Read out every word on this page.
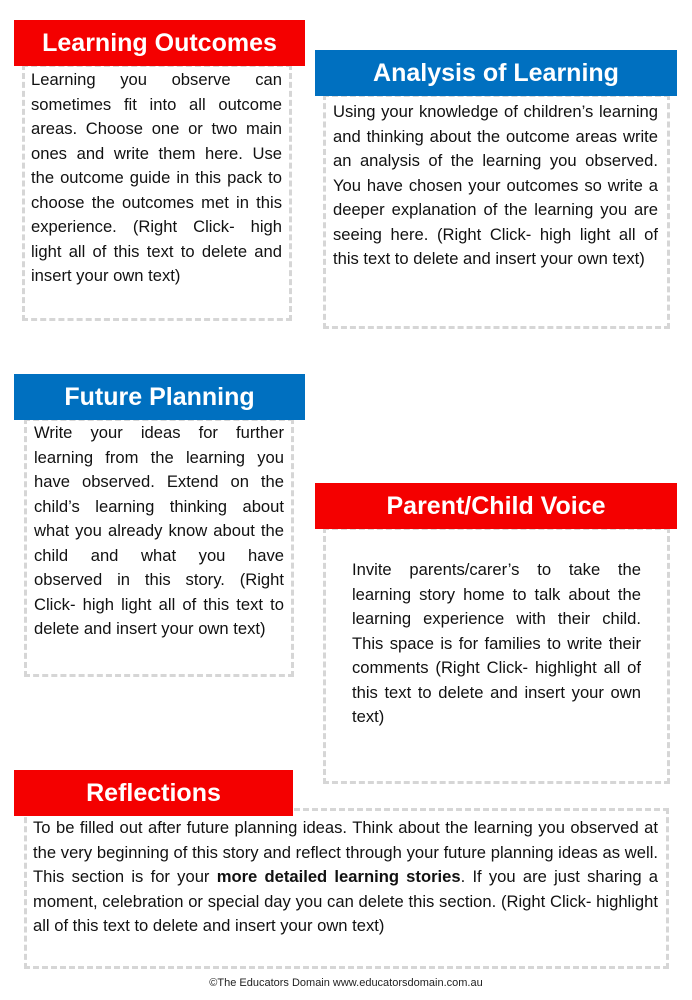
Learning Outcomes
Learning you observe can sometimes fit into all outcome areas. Choose one or two main ones and write them here. Use the outcome guide in this pack to choose the outcomes met in this experience. (Right Click- high light all of this text to delete and insert your own text)
Analysis of Learning
Using your knowledge of children’s learning and thinking about the outcome areas write an analysis of the learning you observed. You have chosen your outcomes so write a deeper explanation of the learning you are seeing here. (Right Click- high light all of this text to delete and insert your own text)
Future Planning
Write your ideas for further learning from the learning you have observed. Extend on the child’s learning thinking about what you already know about the child and what you have observed in this story. (Right Click- high light all of this text to delete and insert your own text)
Parent/Child Voice
Invite parents/carer’s to take the learning story home to talk about the learning experience with their child. This space is for families to write their comments (Right Click- highlight all of this text to delete and insert your own text)
Reflections
To be filled out after future planning ideas. Think about the learning you observed at the very beginning of this story and reflect through your future planning ideas as well. This section is for your more detailed learning stories. If you are just sharing a moment, celebration or special day you can delete this section. (Right Click- highlight all of this text to delete and insert your own text)
©The Educators Domain www.educatorsdomain.com.au
